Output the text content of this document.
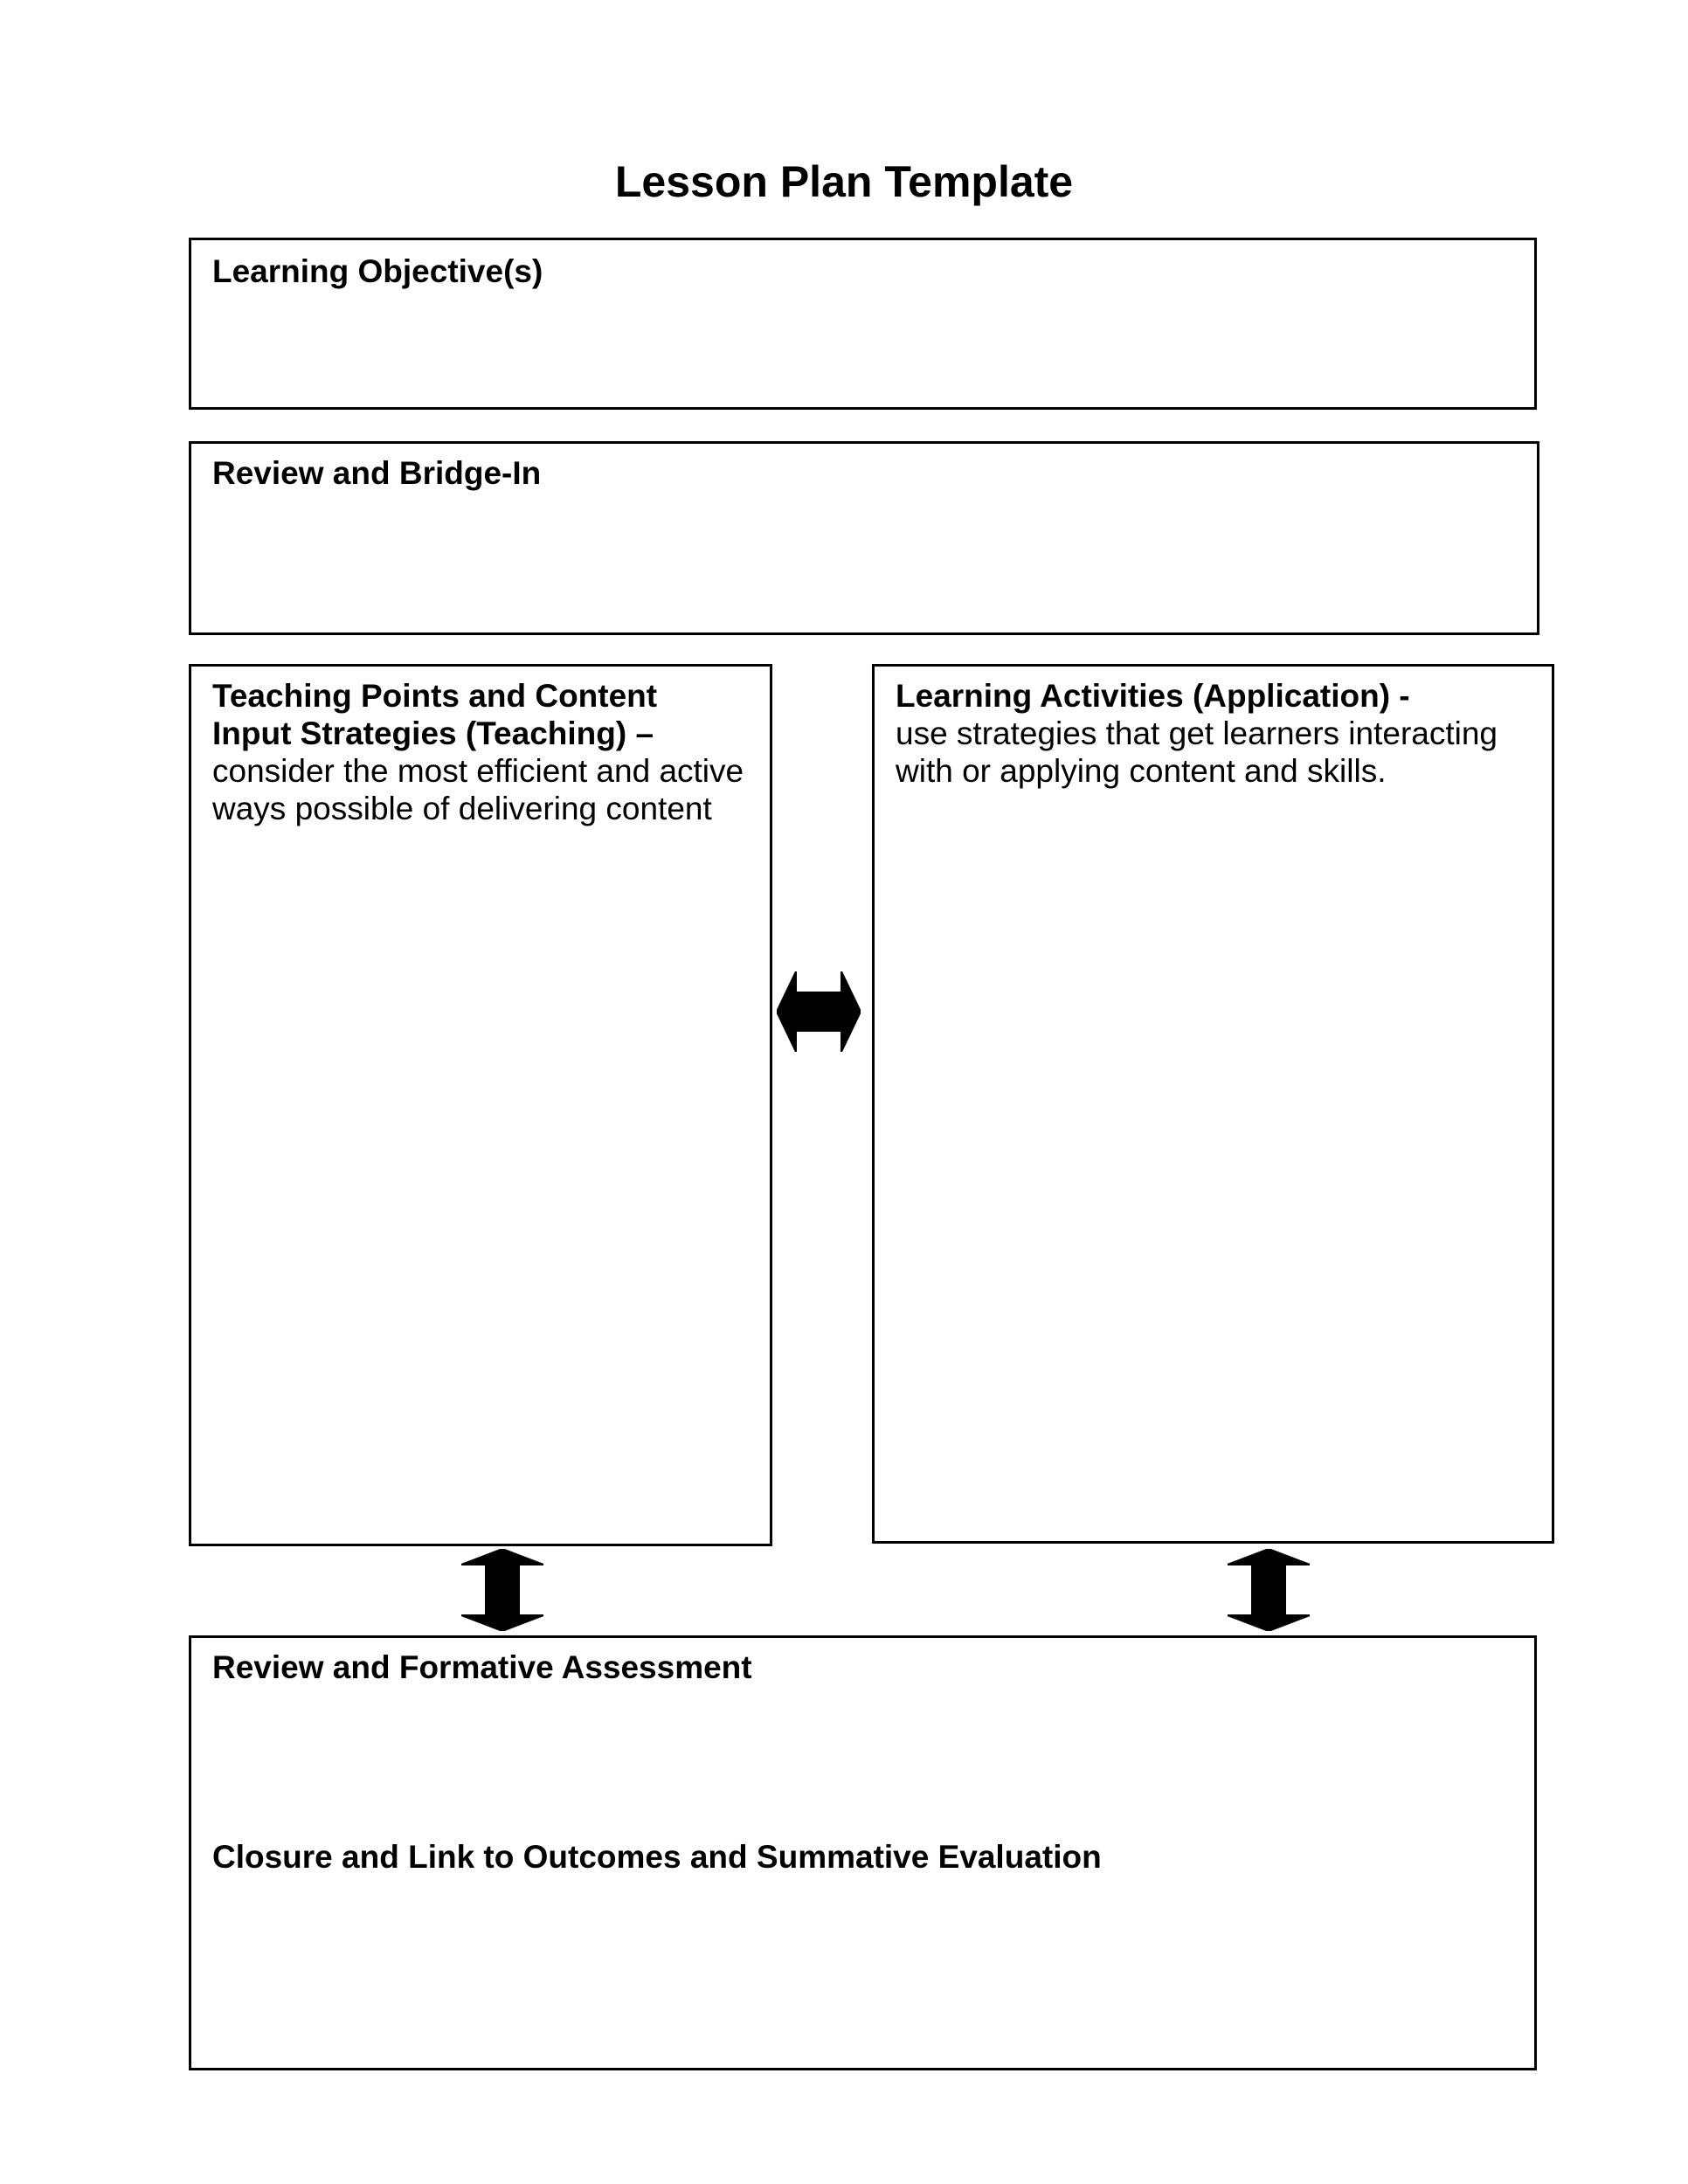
Lesson Plan Template
Learning Objective(s)
Review and Bridge-In
Teaching Points and Content
Input Strategies (Teaching) –
consider the most efficient and active
ways possible of delivering content
Learning Activities (Application) -
use strategies that get learners interacting
with or applying content and skills.
Review and Formative Assessment
Closure and Link to Outcomes and Summative Evaluation
